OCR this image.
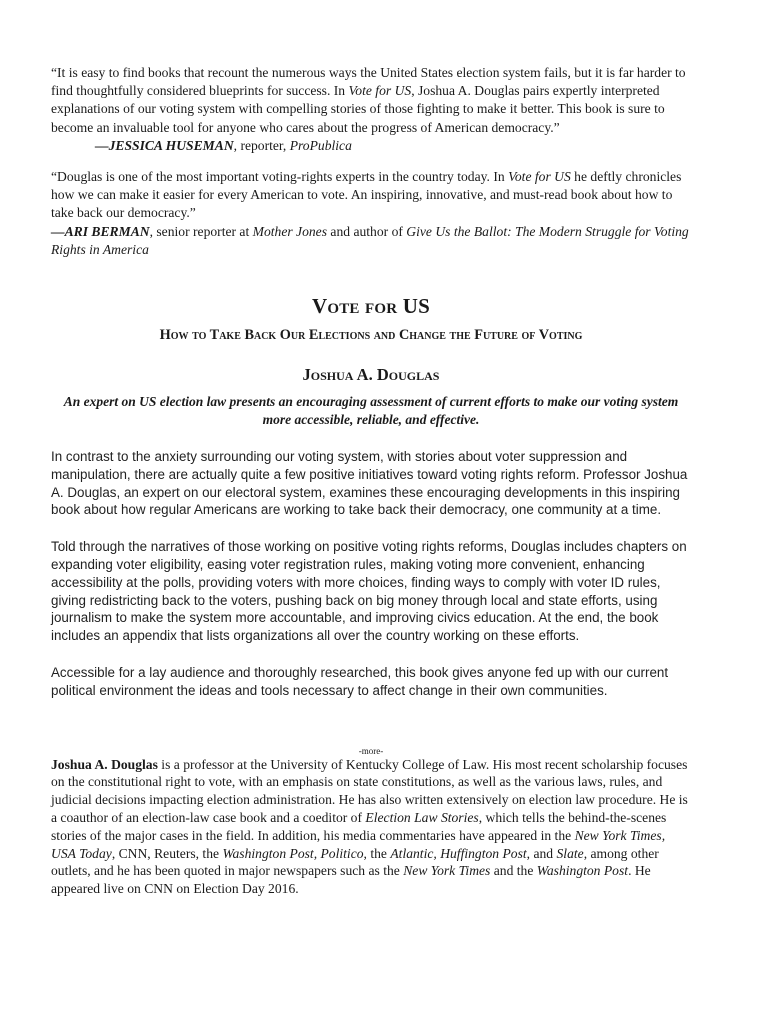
“It is easy to find books that recount the numerous ways the United States election system fails, but it is far harder to find thoughtfully considered blueprints for success. In Vote for US, Joshua A. Douglas pairs expertly interpreted explanations of our voting system with compelling stories of those fighting to make it better. This book is sure to become an invaluable tool for anyone who cares about the progress of American democracy.”

—JESSICA HUSEMAN, reporter, ProPublica

“Douglas is one of the most important voting-rights experts in the country today. In Vote for US he deftly chronicles how we can make it easier for every American to vote. An inspiring, innovative, and must-read book about how to take back our democracy.”

—ARI BERMAN, senior reporter at Mother Jones and author of Give Us the Ballot: The Modern Struggle for Voting Rights in America

Vote for US
How to Take Back Our Elections and Change the Future of Voting
Joshua A. Douglas

An expert on US election law presents an encouraging assessment of current efforts to make our voting system more accessible, reliable, and effective.

In contrast to the anxiety surrounding our voting system, with stories about voter suppression and manipulation, there are actually quite a few positive initiatives toward voting rights reform. Professor Joshua A. Douglas, an expert on our electoral system, examines these encouraging developments in this inspiring book about how regular Americans are working to take back their democracy, one community at a time.

Told through the narratives of those working on positive voting rights reforms, Douglas includes chapters on expanding voter eligibility, easing voter registration rules, making voting more convenient, enhancing accessibility at the polls, providing voters with more choices, finding ways to comply with voter ID rules, giving redistricting back to the voters, pushing back on big money through local and state efforts, using journalism to make the system more accountable, and improving civics education. At the end, the book includes an appendix that lists organizations all over the country working on these efforts.

Accessible for a lay audience and thoroughly researched, this book gives anyone fed up with our current political environment the ideas and tools necessary to affect change in their own communities.

-more-

Joshua A. Douglas is a professor at the University of Kentucky College of Law. His most recent scholarship focuses on the constitutional right to vote, with an emphasis on state constitutions, as well as the various laws, rules, and judicial decisions impacting election administration. He has also written extensively on election law procedure. He is a coauthor of an election-law case book and a coeditor of Election Law Stories, which tells the behind-the-scenes stories of the major cases in the field. In addition, his media commentaries have appeared in the New York Times, USA Today, CNN, Reuters, the Washington Post, Politico, the Atlantic, Huffington Post, and Slate, among other outlets, and he has been quoted in major newspapers such as the New York Times and the Washington Post. He appeared live on CNN on Election Day 2016.
